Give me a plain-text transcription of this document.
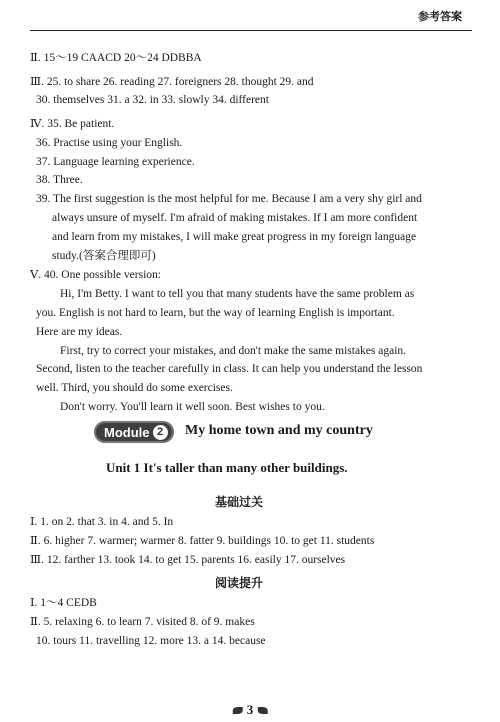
参考答案
Ⅱ. 15～19 CAACD 20～24 DDBBA
Ⅲ. 25. to share 26. reading 27. foreigners 28. thought 29. and
30. themselves 31. a 32. in 33. slowly 34. different
Ⅳ. 35. Be patient.
36. Practise using your English.
37. Language learning experience.
38. Three.
39. The first suggestion is the most helpful for me. Because I am a very shy girl and
always unsure of myself. I'm afraid of making mistakes. If I am more confident
and learn from my mistakes, I will make great progress in my foreign language
study.(答案合理即可)
Ⅴ. 40. One possible version:
Hi, I'm Betty. I want to tell you that many students have the same problem as
you. English is not hard to learn, but the way of learning English is important.
Here are my ideas.
First, try to correct your mistakes, and don't make the same mistakes again.
Second, listen to the teacher carefully in class. It can help you understand the lesson
well. Third, you should do some exercises.
Don't worry. You'll learn it well soon. Best wishes to you.
Module 2	My home town and my country
Unit 1 It's taller than many other buildings.
基础过关
Ⅰ. 1. on 2. that 3. in 4. and 5. In
Ⅱ. 6. higher 7. warmer; warmer 8. fatter 9. buildings 10. to get 11. students
Ⅲ. 12. farther 13. took 14. to get 15. parents 16. easily 17. ourselves
阅读提升
Ⅰ. 1～4 CEDB
Ⅱ. 5. relaxing 6. to learn 7. visited 8. of 9. makes
10. tours 11. travelling 12. more 13. a 14. because
3
